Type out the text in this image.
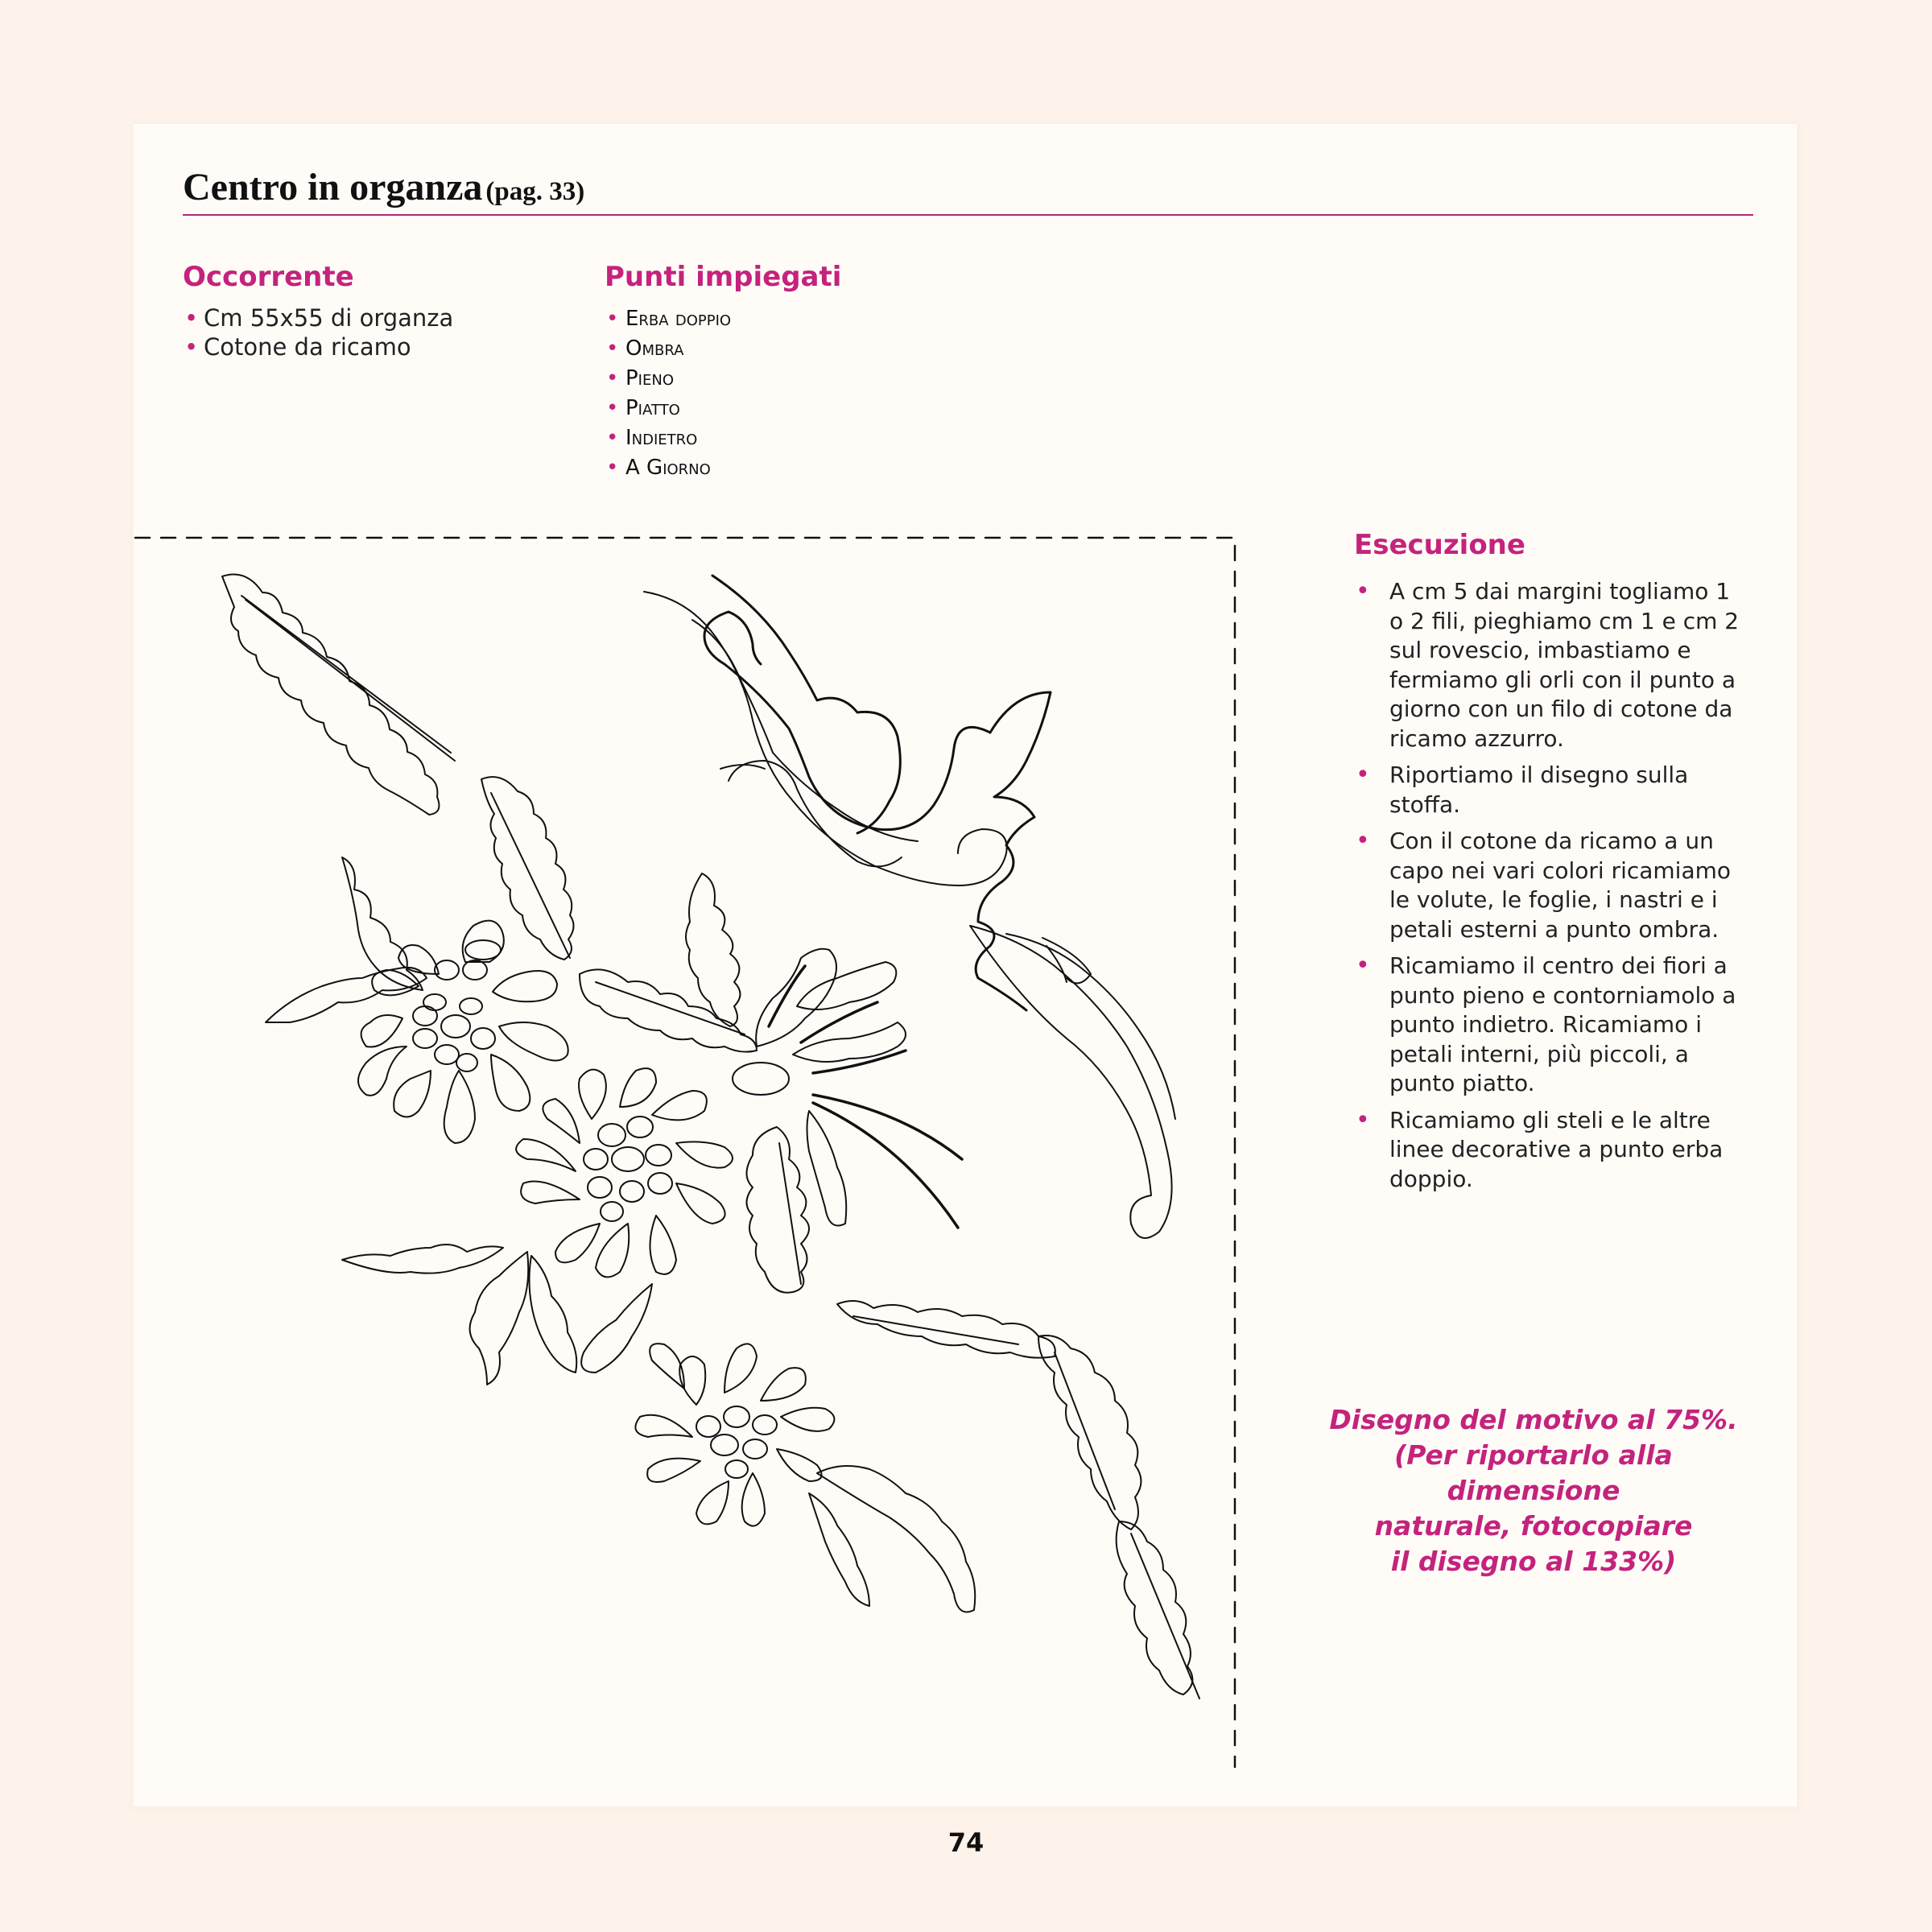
Centro in organza (pag. 33)
Occorrente
• Cm 55x55 di organza
• Cotone da ricamo
Punti impiegati
• Erba doppio
• Ombra
• Pieno
• Piatto
• Indietro
• A Giorno
Esecuzione
• A cm 5 dai margini togliamo 1 o 2 fili, pieghiamo cm 1 e cm 2 sul rovescio, imbastiamo e fermiamo gli orli con il punto a giorno con un filo di cotone da ricamo azzurro.
• Riportiamo il disegno sulla stoffa.
• Con il cotone da ricamo a un capo nei vari colori ricamiamo le volute, le foglie, i nastri e i petali esterni a punto ombra.
• Ricamiamo il centro dei fiori a punto pieno e contorniamolo a punto indietro. Ricamiamo i petali interni, più piccoli, a punto piatto.
• Ricamiamo gli steli e le altre linee decorative a punto erba doppio.
Disegno del motivo al 75%.
(Per riportarlo alla dimensione
naturale, fotocopiare
il disegno al 133%)
74
